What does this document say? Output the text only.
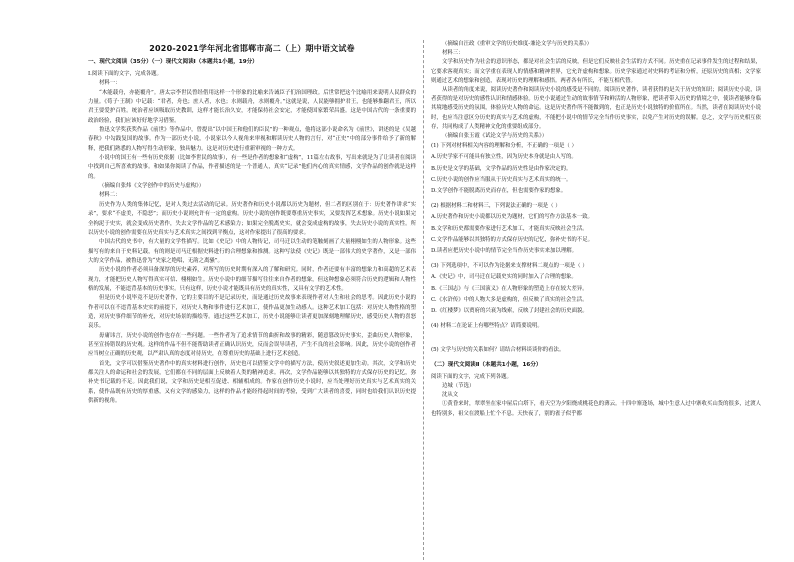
2020-2021学年河北省邯郸市高二（上）期中语文试卷
一、现代文阅读（35分）（一）现代文阅读Ⅰ（本题共1小题，19分）

Ⅰ.阅读下面的文字，完成各题。

材料一：

“木能载舟，亦能覆舟”。唐太宗李世民曾经借用这样一个形象的比喻来告诫臣子们治国理政。后世常把这个比喻用来说明人民群众的力量。《荀子·王制》中记载：“君者，舟也；庶人者，水也；水则载舟，水则覆舟。”这就是说，人民能够拥护君王，也能够推翻君王，所以君王要爱护百姓。统治者应该吸取历史教训，这样才能长治久安，才能保持社会安定，才能使国家繁荣昌盛。这是中国古代的一条重要的政治经验，我们应该好好地学习借鉴。

鲁迅文学奖获奖作品《前世》等作品中，曾提出“以中国王和他们的臣民”的一种观点，他将这部小说命名为《前世》，讲述的是《吴越春秋》中勾践复国的故事。作为一部历史小说，小说家以今人视角来审视和解读历史人物的言行，对“正史”中的部分事件给予了新的解释，把我们熟悉的人物写得生动形象，独具魅力。这是对历史进行重新审视的一种方式。

小说中的国王有一些有历史依据（比如李世民的故事），有一些是作者的想象和“虚构”，11篇左右故事，写出来就是为了让读者在阅读中找到自己所喜欢的故事。和如果你阅读了作品，作者描述的是一个普通人，真实“记录”他们内心的真实情感，文学作品的创作就是这样的。

（摘编自张炜《文学创作中的历史与虚构》）

材料二：

历史作为人类的集体记忆，是对人类过去活动的记录。历史著作和历史小说都以历史为题材，但二者的区别在于：历史著作讲求“实录”，要求“不虚美，不隐恶”；而历史小说则允许有一定的虚构。历史小说的创作既要尊重历史事实，又要发挥艺术想象。历史小说如果完全拘泥于史实，就会变成历史著作，失去文学作品的艺术感染力；如果完全脱离史实，就会变成虚构的故事，失去历史小说的真实性。所以历史小说的创作需要在历史真实与艺术真实之间找到平衡点，这对作家提出了很高的要求。

中国古代的史书中，有大量的文学性描写。比如《史记》中的人物传记，司马迁以生动的笔触刻画了大量栩栩如生的人物形象。这些描写有的来自于史料记载，有的则是司马迁根据史料进行的合理想象和推测。这种写法使《史记》既是一部伟大的史学著作，又是一部伟大的文学作品，被鲁迅誉为“史家之绝唱，无韵之离骚”。

历史小说的作者必须具备深厚的历史素养，对所写的历史时期有深入的了解和研究。同时，作者还要有丰富的想象力和高超的艺术表现力，才能把历史人物写得真实可信、栩栩如生。历史小说中的细节描写往往来自作者的想象，但这种想象必须符合历史的逻辑和人物性格的发展，不能违背基本的历史事实。只有这样，历史小说才能既具有历史的真实性，又具有文学的艺术性。

但是历史小说毕竟不是历史著作，它的主要目的不是记录历史，而是通过历史故事来表现作者对人生和社会的思考。因此历史小说的作者可以在不违背基本史实的前提下，对历史人物和事件进行艺术加工，使作品更加生动感人。这种艺术加工包括：对历史人物性格的塑造，对历史事件细节的补充，对历史场景的描绘等。通过这些艺术加工，历史小说能够让读者更加深刻地理解历史，感受历史人物的喜怒哀乐。

毋庸讳言，历史小说的创作也存在一些问题。一些作者为了追求情节的曲折和故事的精彩，随意篡改历史事实，歪曲历史人物形象，甚至宣扬错误的历史观。这样的作品不但不能帮助读者正确认识历史，反而会误导读者，产生不良的社会影响。因此，历史小说的创作者应当树立正确的历史观，以严肃认真的态度对待历史，在尊重历史的基础上进行艺术创造。

首先，文学可以借鉴历史著作中的真实材料进行创作，历史也可以借鉴文学中的描写方法，使历史叙述更加生动。其次，文学和历史都关注人的命运和社会的发展，它们都在不同的层面上反映着人类的精神追求。再次，文学作品能够以其独特的方式保存历史的记忆，弥补史书记载的不足。因此我们说，文学和历史是相互促进、相辅相成的。作家在创作历史小说时，应当处理好历史真实与艺术真实的关系，使作品既有历史的厚重感，又有文学的感染力，这样的作品才能经得起时间的考验，受到广大读者的喜爱，同时也给我们认识历史提供新的视角。

（摘编自汪政《重审文学的历史维度-兼论文学与历史的关系》）

材料三：

文学和历史作为社会的意识形态，都是对社会生活的反映，但是它们反映社会生活的方式不同。历史重在记录事件发生的过程和结果，它要求客观真实；而文学重在表现人的情感和精神世界，它允许虚构和想象。历史学家通过对史料的考证和分析，还原历史的真相；文学家则通过艺术的想象和创造，表现对历史的理解和感悟。两者各有所长，不能互相代替。

从读者的角度来说，阅读历史著作和阅读历史小说的感受是不同的。阅读历史著作，读者获得的是关于历史的知识；阅读历史小说，读者获得的是对历史的感性认识和情感体验。历史小说通过生动的故事情节和鲜活的人物形象，把读者带入历史的情境之中，使读者能够身临其境地感受历史的氛围，体验历史人物的命运。这是历史著作所不能做到的，也正是历史小说独特的价值所在。当然，读者在阅读历史小说时，也应当注意区分历史的真实与艺术的虚构，不能把小说中的情节完全当作历史事实，以免产生对历史的误解。总之，文学与历史相互依存，共同构成了人类精神文化的重要组成部分。

（摘编自张玉霞《试论文学与历史的关系》）

(1) 下列对材料相关内容的理解和分析，不正确的一项是（ ）

A.历史学家不可能具有独立性，因为历史本身就是由人写的。

B.历史是文学的基础，文学作品的历史性是由作家决定的。

C.历史小说的创作应当服从于历史真实与艺术真实的统一。

D.文学创作不能脱离历史而存在，但也需要作家的想象。

(2) 根据材料二和材料三，下列说法正确的一项是（ ）

A.历史著作和历史小说都以历史为题材，它们的写作方法基本一致。

B.文学和历史都需要作家进行艺术加工，才能真实反映社会生活。

C.文学作品能够以其独特的方式保存历史的记忆，弥补史书的不足。

D.读者应把历史小说中的情节完全当作历史事实来加以理解。

(3) 下列选项中，不可以作为论据来支撑材料二观点的一项是（ ）

A.《史记》中，司马迁在记载史实的同时加入了合理的想象。

B.《三国志》与《三国演义》在人物形象的塑造上存在较大差异。

C.《水浒传》中的人物大多是虚构的，但反映了真实的社会生活。

D.《红楼梦》以贾府的兴衰为线索，反映了封建社会的历史面貌。

(4) 材料二在论证上有哪些特点？请简要说明。

(5) 文学与历史的关系如何？请结合材料谈谈你的看法。

（二）现代文阅读Ⅱ（本题共1小题，16分）

阅读下面的文字，完成下列各题。

边城（节选）

沈从文

①黄昏来时，翠翠坐在家中屋后白塔下，看天空为夕阳烧成桃花色的薄云。十四中寨逢场，城中生意人过中寨收买山货的很多，过渡人也特别多，祖父在渡船上忙个不息。天快夜了，别的雀子似乎都
